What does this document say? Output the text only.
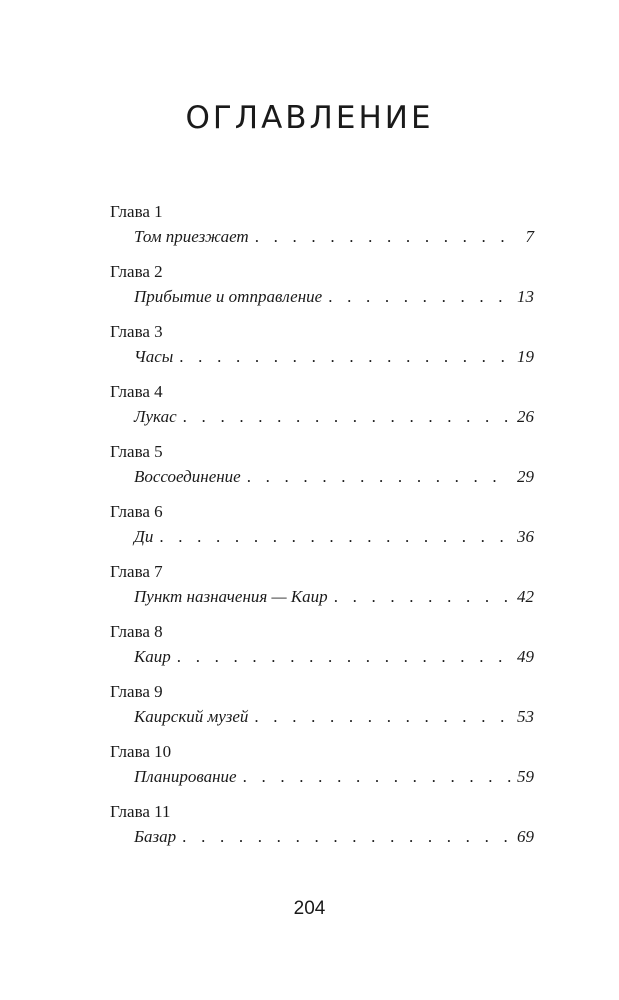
ОГЛАВЛЕНИЕ
Глава 1
Том приезжает . . .	7
Глава 2
Прибытие и отправление . . .	13
Глава 3
Часы . . .	19
Глава 4
Лукас . . .	26
Глава 5
Воссоединение . . .	29
Глава 6
Ди . . .	36
Глава 7
Пункт назначения — Каир . . .	42
Глава 8
Каир . . .	49
Глава 9
Каирский музей . . .	53
Глава 10
Планирование . . .	59
Глава 11
Базар . . .	69
204
